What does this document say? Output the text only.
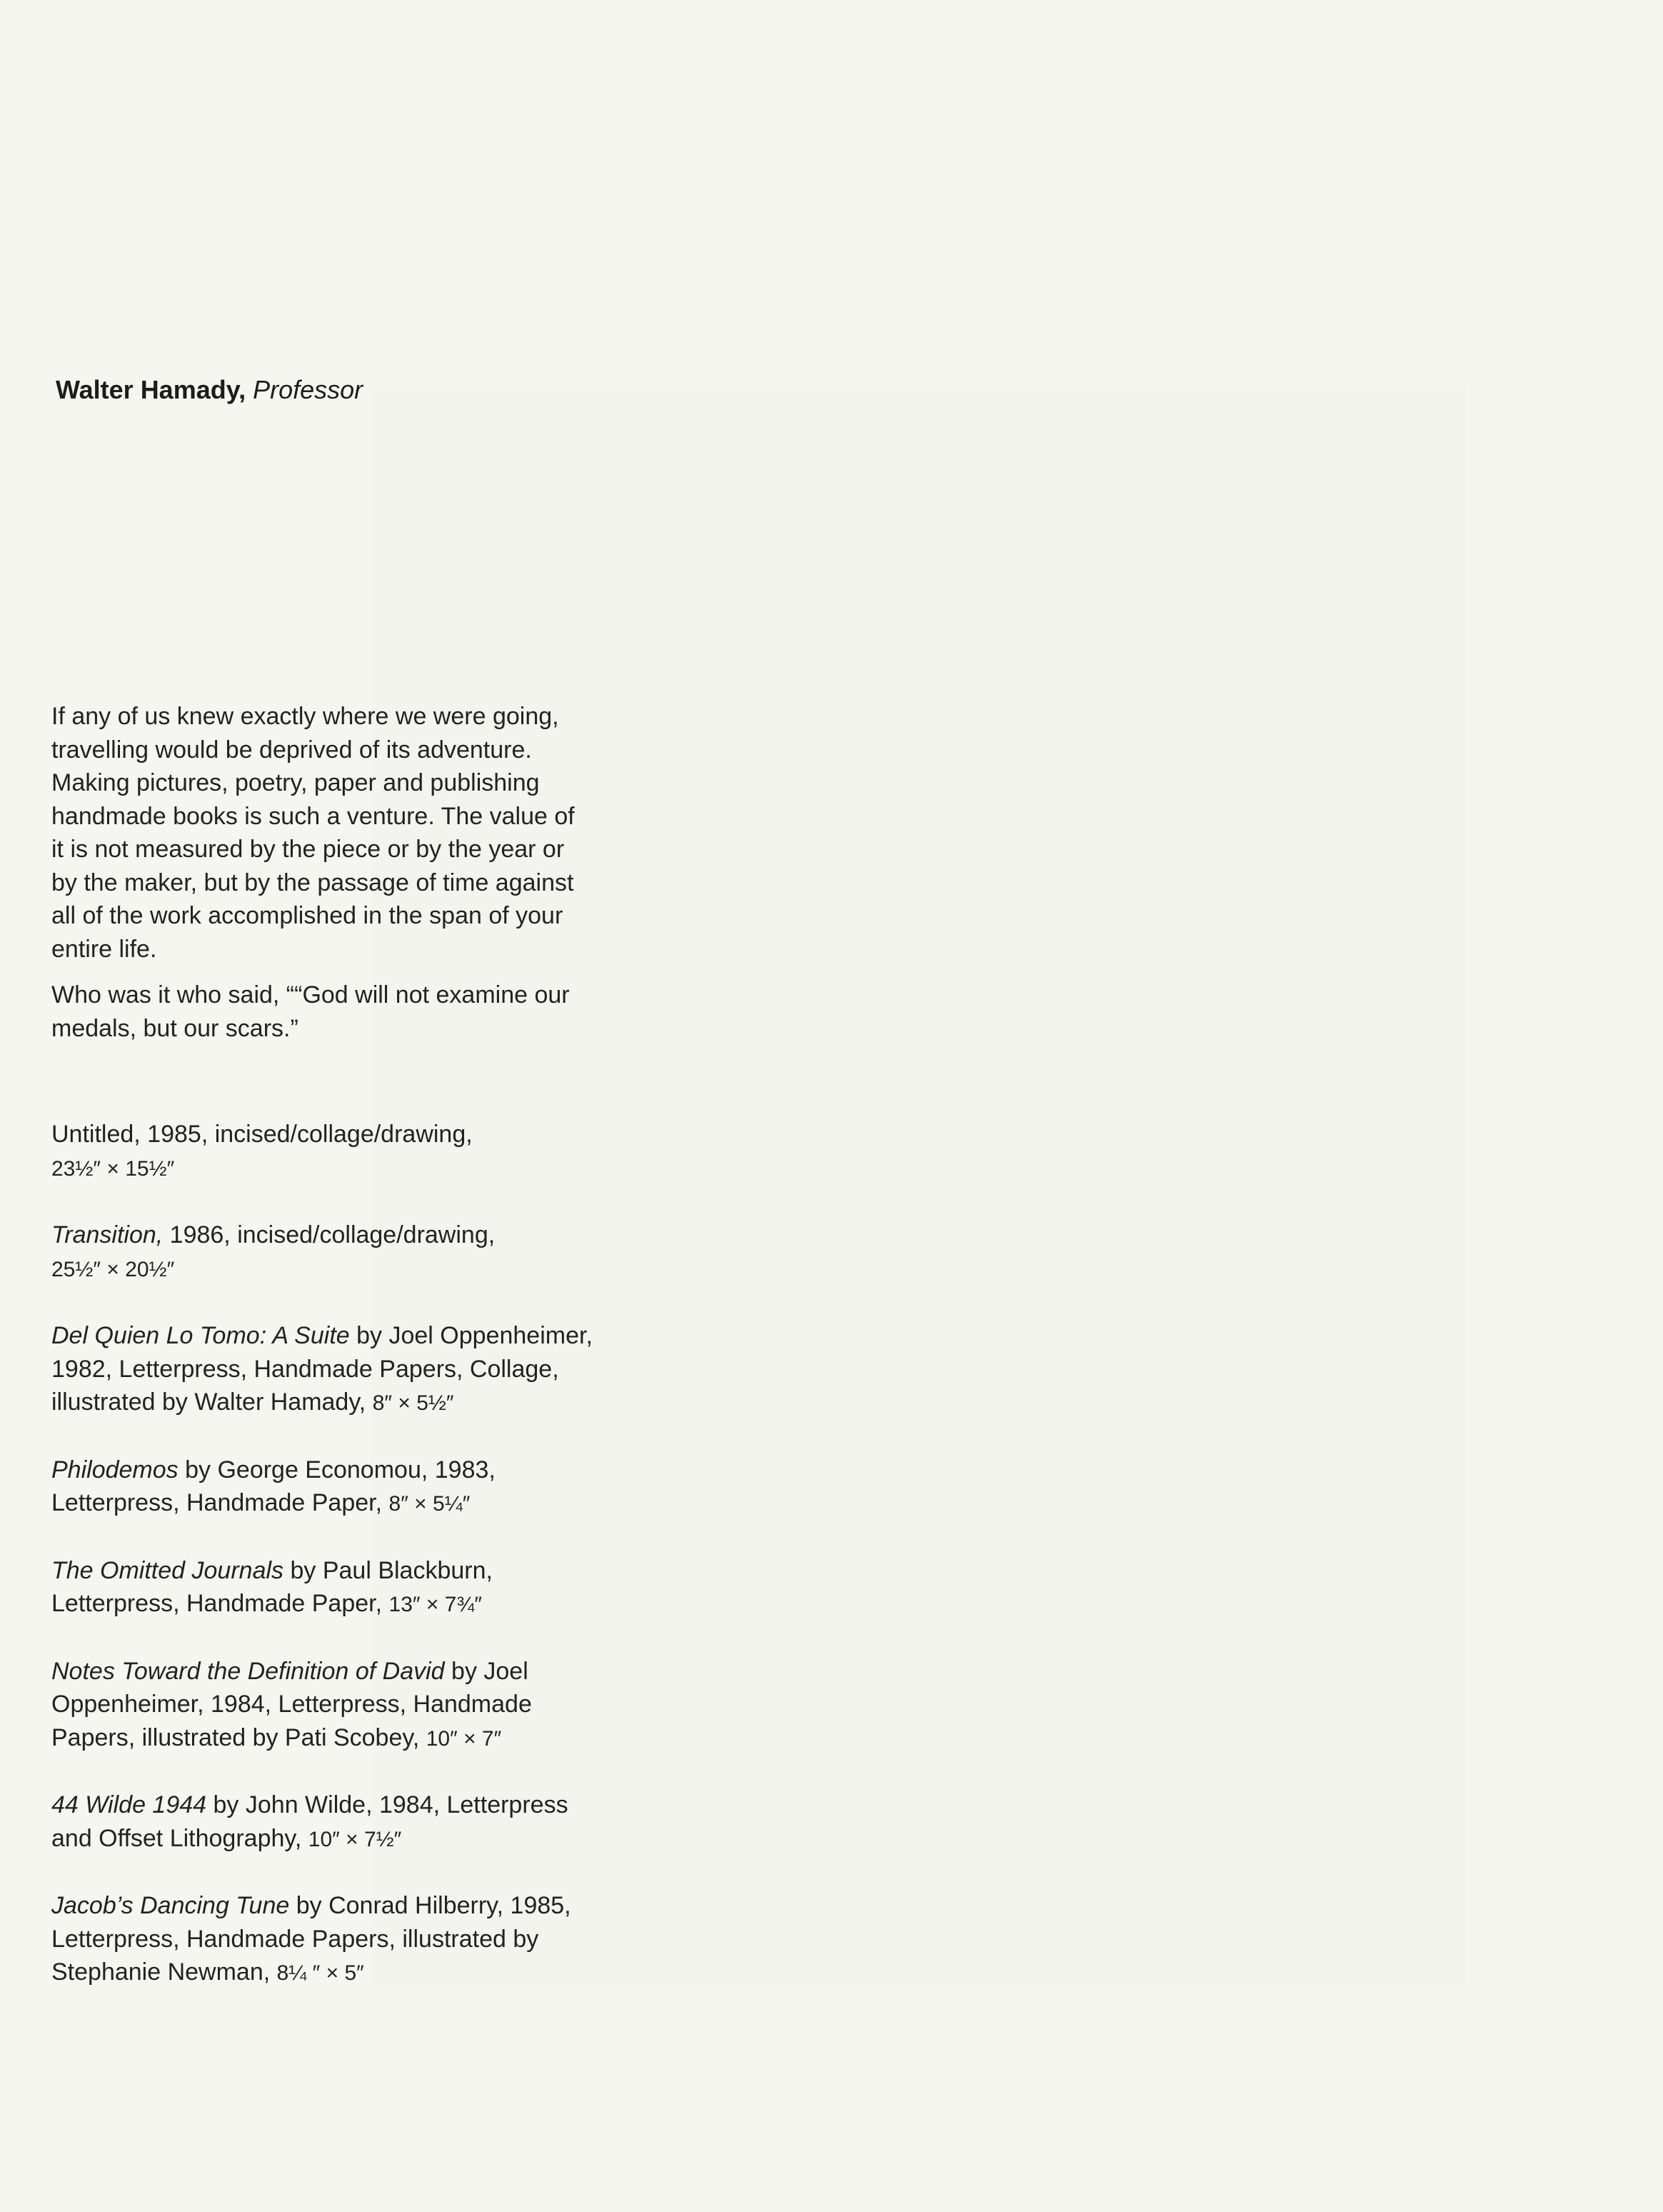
Walter Hamady, Professor

If any of us knew exactly where we were going, travelling would be deprived of its adventure. Making pictures, poetry, paper and publishing handmade books is such a venture. The value of it is not measured by the piece or by the year or by the maker, but by the passage of time against all of the work accomplished in the span of your entire life.

Who was it who said, ““God will not examine our medals, but our scars.”

Untitled, 1985, incised/collage/drawing,
23½″ × 15½″

Transition, 1986, incised/collage/drawing,
25½″ × 20½″

Del Quien Lo Tomo: A Suite by Joel Oppenheimer, 1982, Letterpress, Handmade Papers, Collage, illustrated by Walter Hamady, 8″ × 5½″

Philodemos by George Economou, 1983, Letterpress, Handmade Paper, 8″ × 5¼″

The Omitted Journals by Paul Blackburn, Letterpress, Handmade Paper, 13″ × 7¾″

Notes Toward the Definition of David by Joel Oppenheimer, 1984, Letterpress, Handmade Papers, illustrated by Pati Scobey, 10″ × 7″

44 Wilde 1944 by John Wilde, 1984, Letterpress and Offset Lithography, 10″ × 7½″

Jacob’s Dancing Tune by Conrad Hilberry, 1985, Letterpress, Handmade Papers, illustrated by Stephanie Newman, 8¼ ″ × 5″
